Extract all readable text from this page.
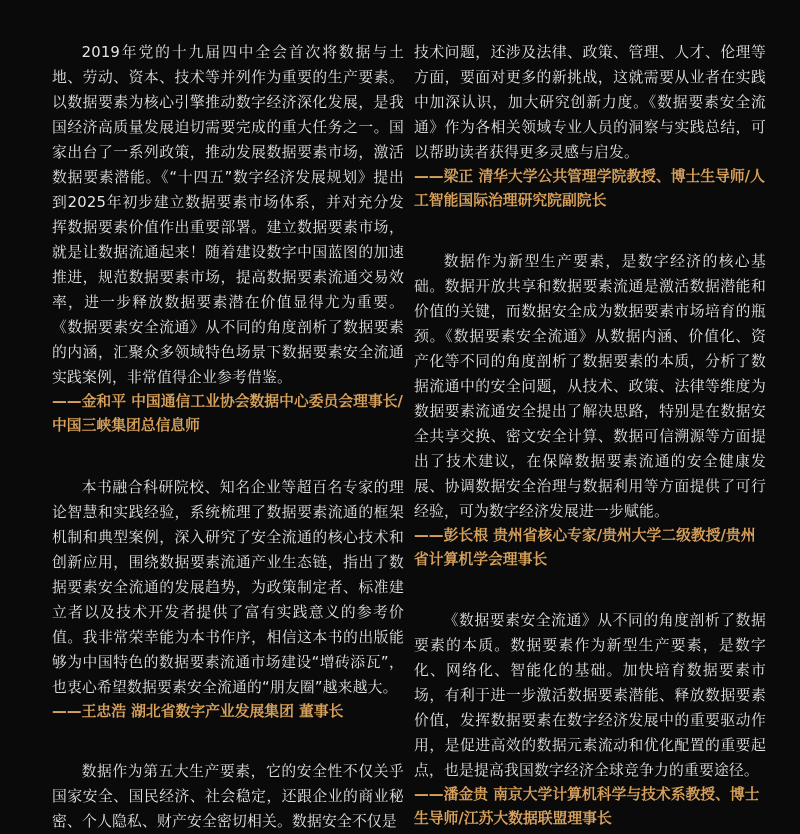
2019年党的十九届四中全会首次将数据与土地、劳动、资本、技术等并列作为重要的生产要素。以数据要素为核心引擎推动数字经济深化发展，是我国经济高质量发展迫切需要完成的重大任务之一。国家出台了一系列政策，推动发展数据要素市场，激活数据要素潜能。《“十四五”数字经济发展规划》提出到2025年初步建立数据要素市场体系，并对充分发挥数据要素价值作出重要部署。建立数据要素市场，就是让数据流通起来！随着建设数字中国蓝图的加速推进，规范数据要素市场，提高数据要素流通交易效率，进一步释放数据要素潜在价值显得尤为重要。《数据要素安全流通》从不同的角度剖析了数据要素的内涵，汇聚众多领域特色场景下数据要素安全流通实践案例，非常值得企业参考借鉴。

——金和平 中国通信工业协会数据中心委员会理事长/中国三峡集团总信息师

本书融合科研院校、知名企业等超百名专家的理论智慧和实践经验，系统梳理了数据要素流通的框架机制和典型案例，深入研究了安全流通的核心技术和创新应用，围绕数据要素流通产业生态链，指出了数据要素安全流通的发展趋势，为政策制定者、标准建立者以及技术开发者提供了富有实践意义的参考价值。我非常荣幸能为本书作序，相信这本书的出版能够为中国特色的数据要素流通市场建设“增砖添瓦”，也衷心希望数据要素安全流通的“朋友圈”越来越大。

——王忠浩 湖北省数字产业发展集团 董事长

数据作为第五大生产要素，它的安全性不仅关乎国家安全、国民经济、社会稳定，还跟企业的商业秘密、个人隐私、财产安全密切相关。数据安全不仅是

技术问题，还涉及法律、政策、管理、人才、伦理等方面，要面对更多的新挑战，这就需要从业者在实践中加深认识，加大研究创新力度。《数据要素安全流通》作为各相关领域专业人员的洞察与实践总结，可以帮助读者获得更多灵感与启发。

——梁正 清华大学公共管理学院教授、博士生导师/人工智能国际治理研究院副院长

数据作为新型生产要素，是数字经济的核心基础。数据开放共享和数据要素流通是激活数据潜能和价值的关键，而数据安全成为数据要素市场培育的瓶颈。《数据要素安全流通》从数据内涵、价值化、资产化等不同的角度剖析了数据要素的本质，分析了数据流通中的安全问题，从技术、政策、法律等维度为数据要素流通安全提出了解决思路，特别是在数据安全共享交换、密文安全计算、数据可信溯源等方面提出了技术建议，在保障数据要素流通的安全健康发展、协调数据安全治理与数据利用等方面提供了可行经验，可为数字经济发展进一步赋能。

——彭长根 贵州省核心专家/贵州大学二级教授/贵州省计算机学会理事长

《数据要素安全流通》从不同的角度剖析了数据要素的本质。数据要素作为新型生产要素，是数字化、网络化、智能化的基础。加快培育数据要素市场，有利于进一步激活数据要素潜能、释放数据要素价值，发挥数据要素在数字经济发展中的重要驱动作用，是促进高效的数据元素流动和优化配置的重要起点，也是提高我国数字经济全球竞争力的重要途径。

——潘金贵 南京大学计算机科学与技术系教授、博士生导师/江苏大数据联盟理事长
